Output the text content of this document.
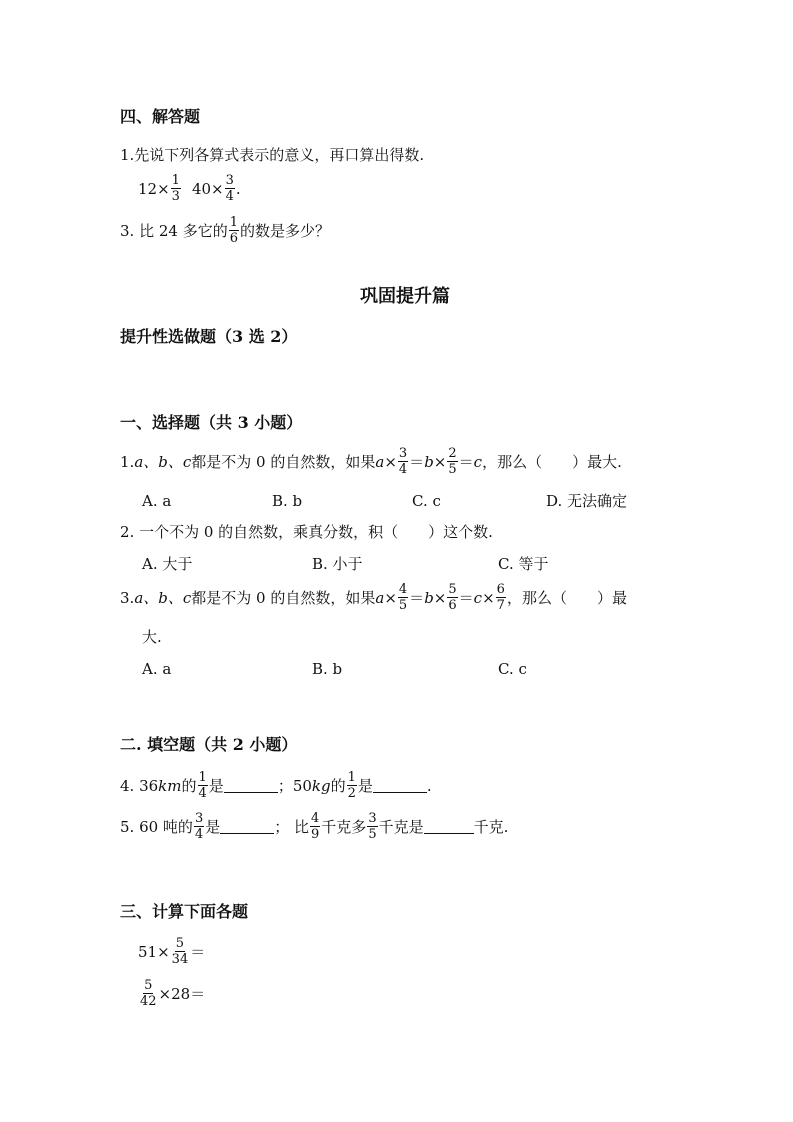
四、解答题
1.先说下列各算式表示的意义，再口算出得数.
$12 \times \frac{1}{3} 40 \times \frac{3}{4}$ .
3. 比 24 多它的 $\frac{1}{6}$ 的数是多少？
巩固提升篇
提升性选做题（3 选 2）
一、选择题（共 3 小题）
1. a、b、c 都是不为 0 的自然数，如果 $a \times \frac{3}{4} = b \times \frac{2}{5} = c$ ，那么（　　）最大.
A. a	B. b	C. c	D. 无法确定
2. 一个不为 0 的自然数，乘真分数，积（　　）这个数.
A. 大于	B. 小于	C. 等于
3. a、b、c 都是不为 0 的自然数，如果 $a \times \frac{4}{5} = b \times \frac{5}{6} = c \times \frac{6}{7}$ ，那么（　　）最
大.
A. a	B. b	C. c
二. 填空题（共 2 小题）
4. 36 km 的 $\frac{1}{4}$ 是	；50 kg 的 $\frac{1}{2}$ 是	.
5. 60 吨的 $\frac{3}{4}$ 是	； 比 $\frac{4}{9}$ 千克多 $\frac{3}{5}$ 千克是	千克.
三、计算下面各题
$51 \times \frac{5}{34}$ ＝
$\frac{5}{42} \times 28$ ＝
